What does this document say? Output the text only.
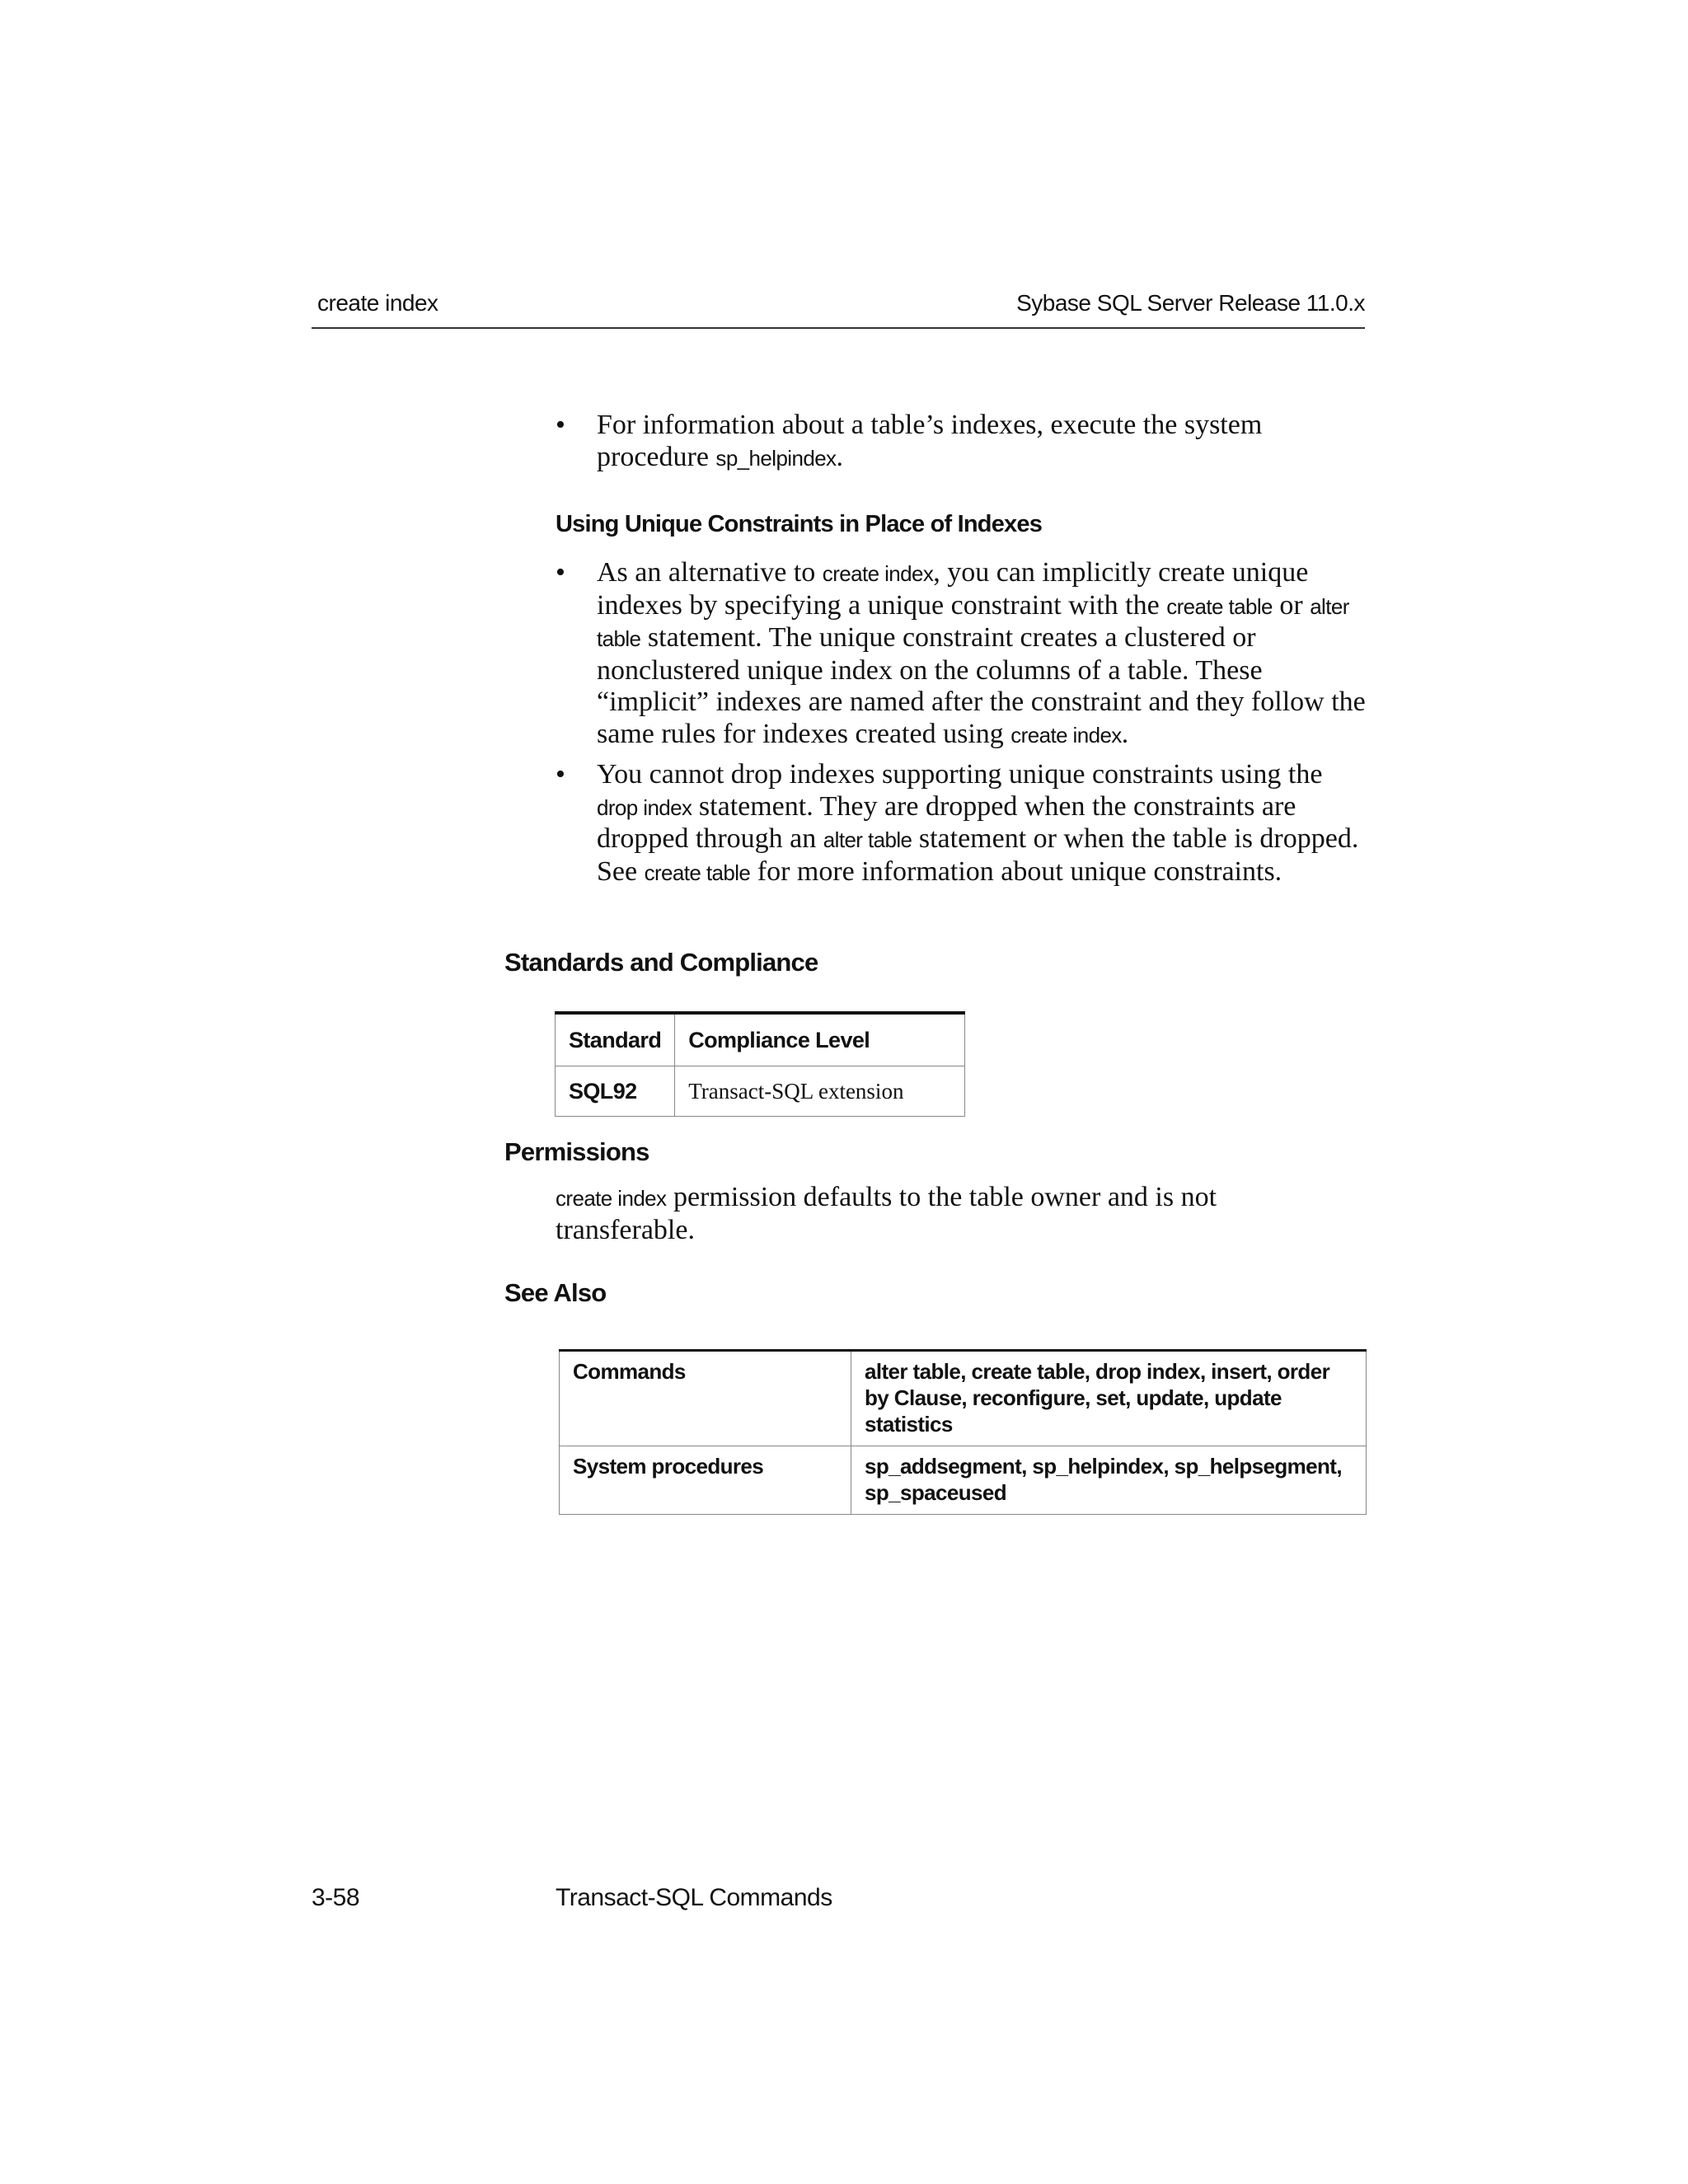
create index	Sybase SQL Server Release 11.0.x
• For information about a table’s indexes, execute the system procedure sp_helpindex.
Using Unique Constraints in Place of Indexes
• As an alternative to create index, you can implicitly create unique indexes by specifying a unique constraint with the create table or alter table statement. The unique constraint creates a clustered or nonclustered unique index on the columns of a table. These “implicit” indexes are named after the constraint and they follow the same rules for indexes created using create index.
• You cannot drop indexes supporting unique constraints using the drop index statement. They are dropped when the constraints are dropped through an alter table statement or when the table is dropped. See create table for more information about unique constraints.
Standards and Compliance
Standard	Compliance Level
SQL92	Transact-SQL extension
Permissions
create index permission defaults to the table owner and is not transferable.
See Also
Commands	alter table, create table, drop index, insert, order by Clause, reconfigure, set, update, update statistics
System procedures	sp_addsegment, sp_helpindex, sp_helpsegment, sp_spaceused
3-58	Transact-SQL Commands
